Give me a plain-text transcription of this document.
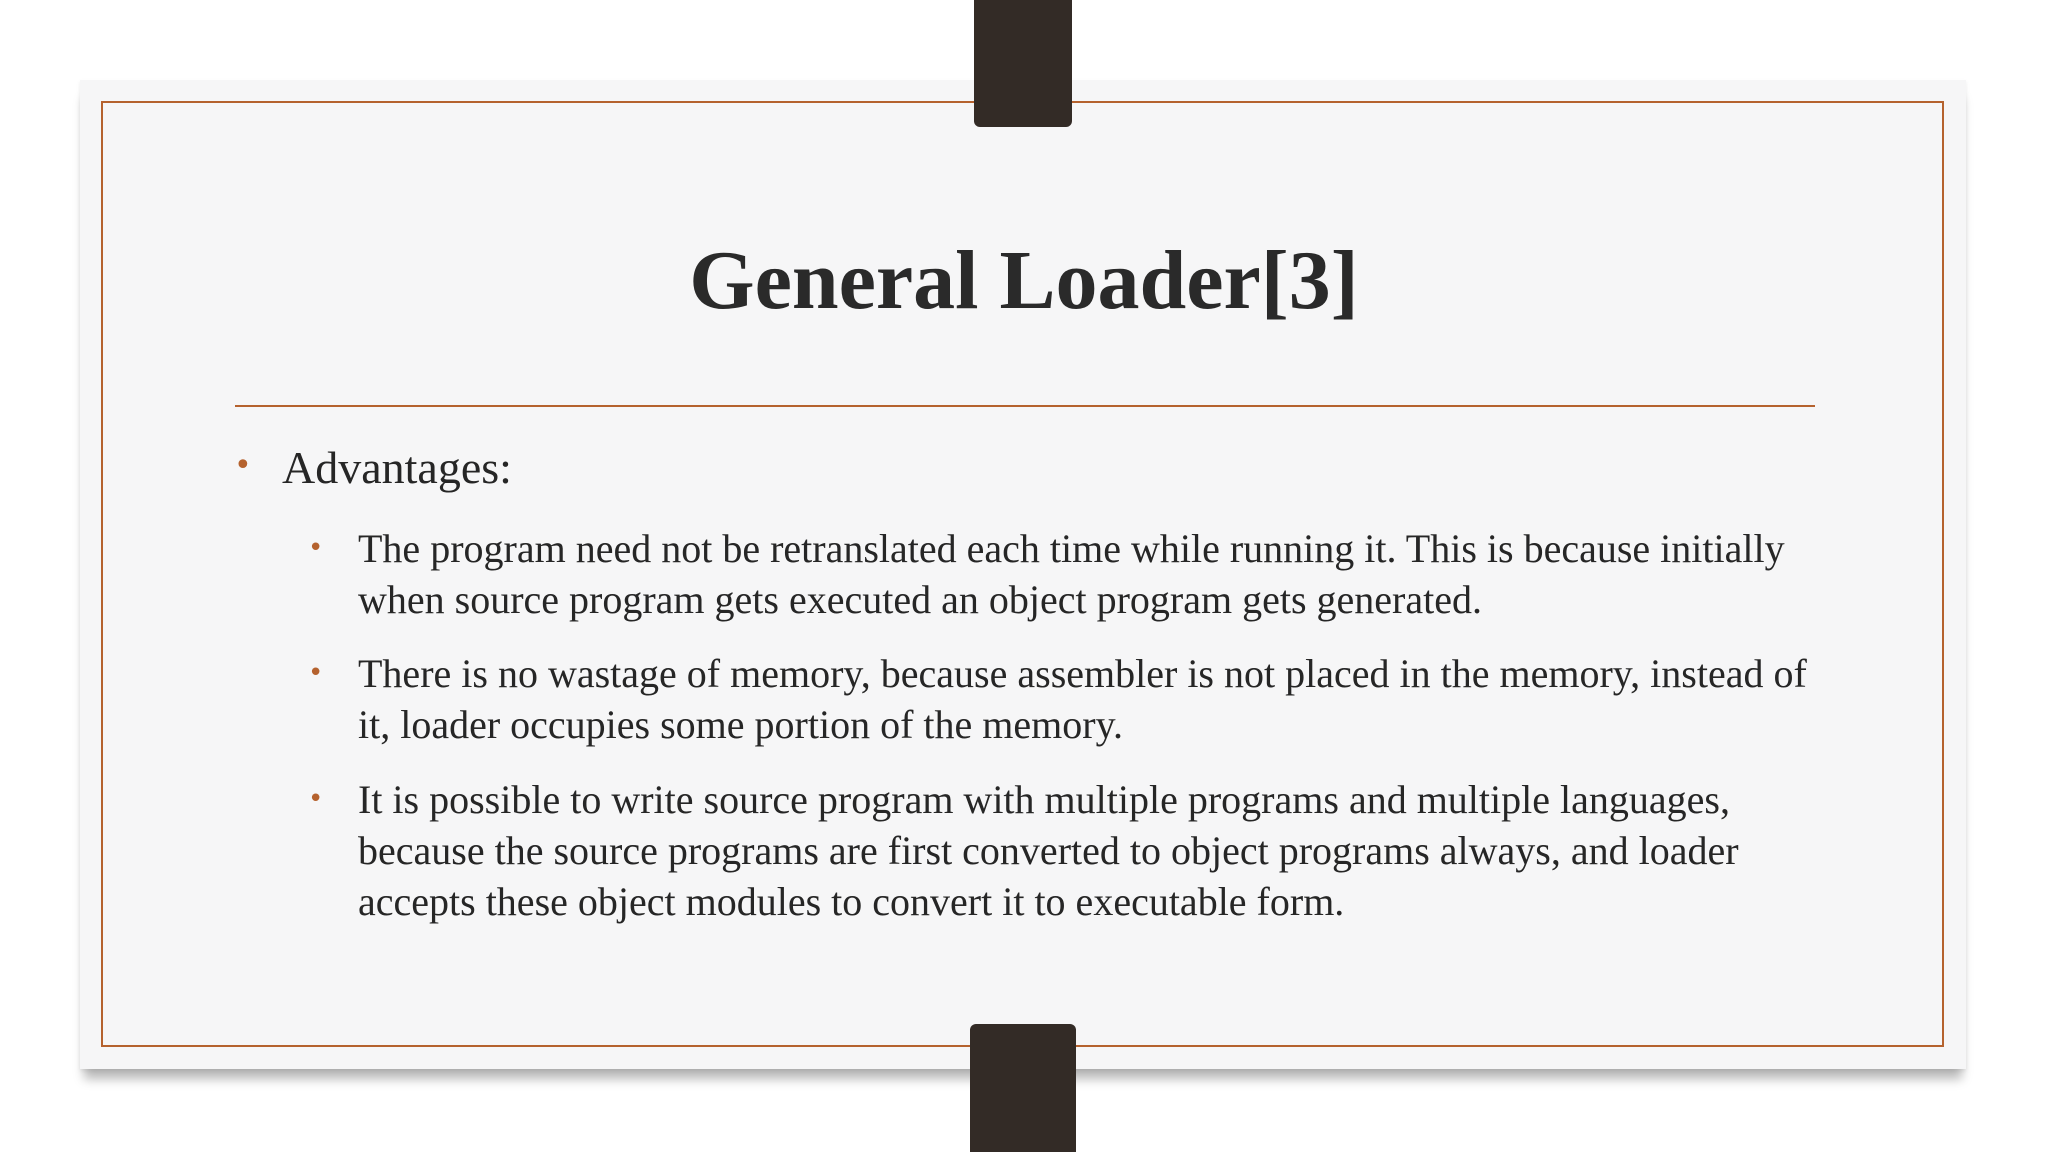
General Loader[3]
• Advantages:
• The program need not be retranslated each time while running it. This is because initially when source program gets executed an object program gets generated.
• There is no wastage of memory, because assembler is not placed in the memory, instead of it, loader occupies some portion of the memory.
• It is possible to write source program with multiple programs and multiple languages, because the source programs are first converted to object programs always, and loader accepts these object modules to convert it to executable form.
